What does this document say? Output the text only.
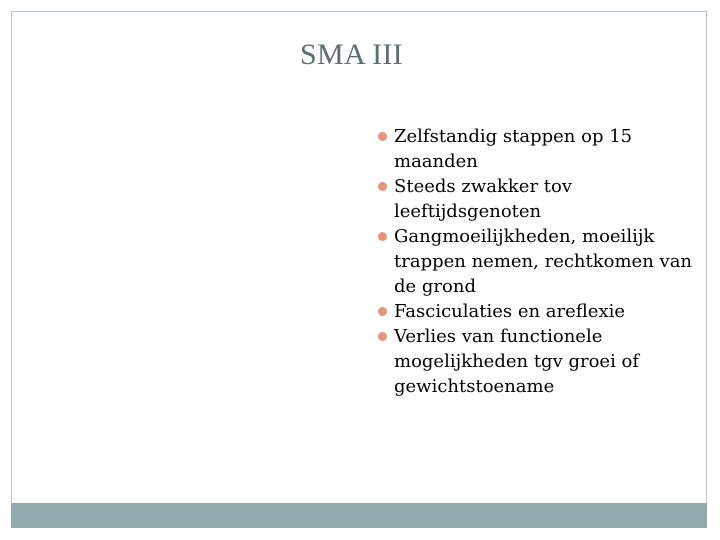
SMA III
Zelfstandig stappen op 15 maanden
Steeds zwakker tov leeftijdsgenoten
Gangmoeilijkheden, moeilijk trappen nemen, rechtkomen van de grond
Fasciculaties en areflexie
Verlies van functionele mogelijkheden tgv groei of gewichtstoename
